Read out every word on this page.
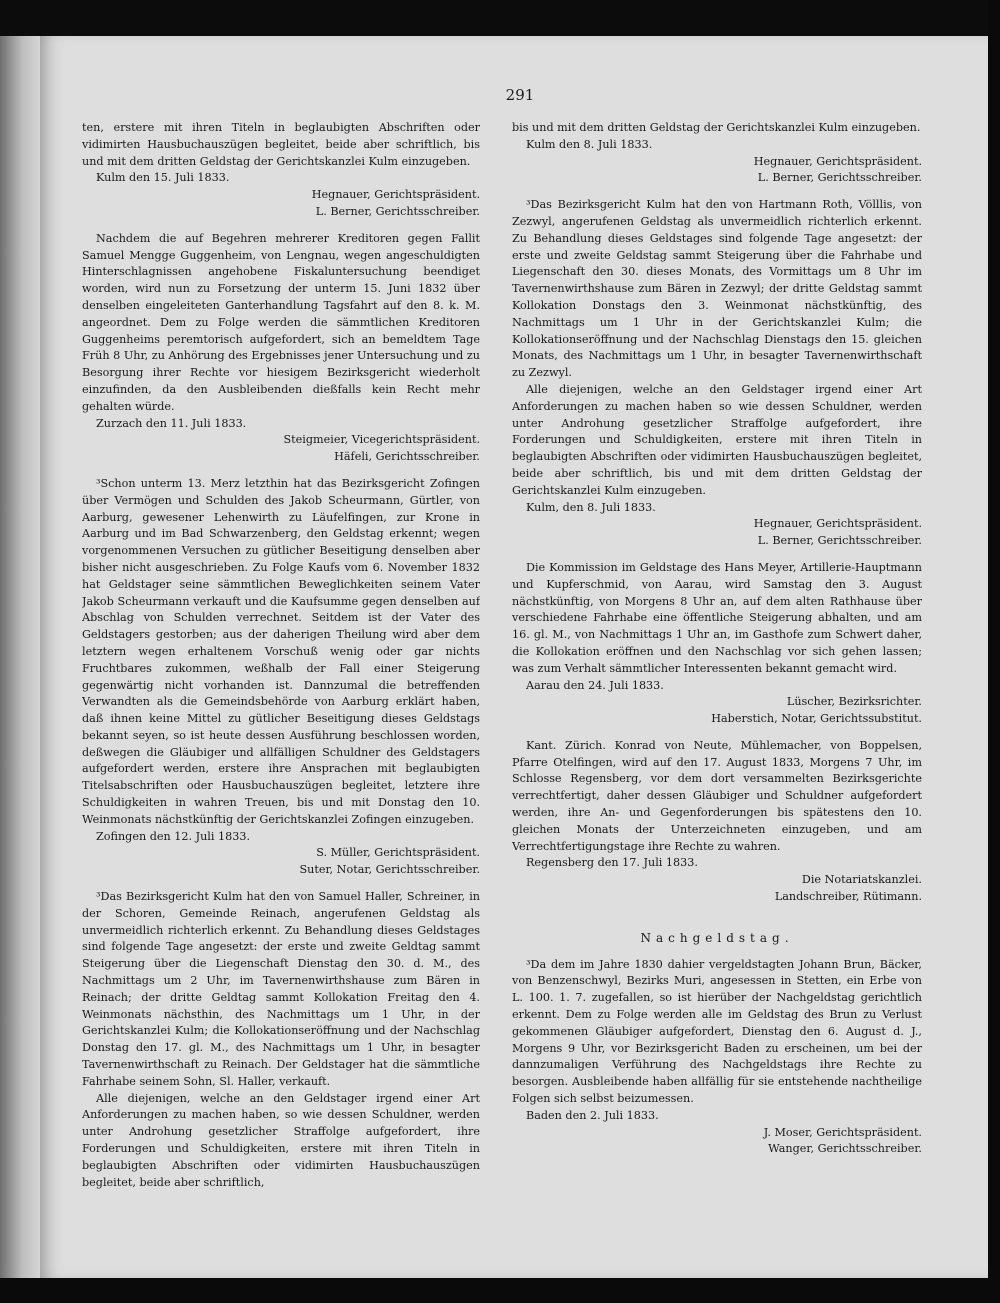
291

ten, erstere mit ihren Titeln in beglaubigten Abschriften oder vidimirten Hausbuchauszügen begleitet, beide aber schriftlich, bis und mit dem dritten Geldstag der Gerichtskanzlei Kulm einzugeben.

Kulm den 15. Juli 1833.
Hegnauer, Gerichtspräsident.
L. Berner, Gerichtsschreiber.

Nachdem die auf Begehren mehrerer Kreditoren gegen Fallit Samuel Mengge Guggenheim, von Lengnau, wegen angeschuldigten Hinterschlagnissen angehobene Fiskaluntersuchung beendiget worden, wird nun zu Forsetzung der unterm 15. Juni 1832 über denselben eingeleiteten Ganterhandlung Tagsfahrt auf den 8. k. M. angeordnet. Dem zu Folge werden die sämmtlichen Kreditoren Guggenheims peremtorisch aufgefordert, sich an bemeldtem Tage Früh 8 Uhr, zu Anhörung des Ergebnisses jener Untersuchung und zu Besorgung ihrer Rechte vor hiesigem Bezirksgericht wiederholt einzufinden, da den Ausbleibenden dießfalls kein Recht mehr gehalten würde.

Zurzach den 11. Juli 1833.
Steigmeier, Vicegerichtspräsident.
Häfeli, Gerichtsschreiber.

³Schon unterm 13. Merz letzthin hat das Bezirksgericht Zofingen über Vermögen und Schulden des Jakob Scheurmann, Gürtler, von Aarburg, gewesener Lehenwirth zu Läufelfingen, zur Krone in Aarburg und im Bad Schwarzenberg, den Geldstag erkennt; wegen vorgenommenen Versuchen zu gütlicher Beseitigung denselben aber bisher nicht ausgeschrieben. Zu Folge Kaufs vom 6. November 1832 hat Geldstager seine sämmtlichen Beweglichkeiten seinem Vater Jakob Scheurmann verkauft und die Kaufsumme gegen denselben auf Abschlag von Schulden verrechnet. Seitdem ist der Vater des Geldstagers gestorben; aus der daherigen Theilung wird aber dem letztern wegen erhaltenem Vorschuß wenig oder gar nichts Fruchtbares zukommen, weßhalb der Fall einer Steigerung gegenwärtig nicht vorhanden ist. Dannzumal die betreffenden Verwandten als die Gemeindsbehörde von Aarburg erklärt haben, daß ihnen keine Mittel zu gütlicher Beseitigung dieses Geldstags bekannt seyen, so ist heute dessen Ausführung beschlossen worden, deßwegen die Gläubiger und allfälligen Schuldner des Geldstagers aufgefordert werden, erstere ihre Ansprachen mit beglaubigten Titelsabschriften oder Hausbuchauszügen begleitet, letztere ihre Schuldigkeiten in wahren Treuen, bis und mit Donstag den 10. Weinmonats nächstkünftig der Gerichtskanzlei Zofingen einzugeben.

Zofingen den 12. Juli 1833.
S. Müller, Gerichtspräsident.
Suter, Notar, Gerichtsschreiber.

³Das Bezirksgericht Kulm hat den von Samuel Haller, Schreiner, in der Schoren, Gemeinde Reinach, angerufenen Geldstag als unvermeidlich richterlich erkennt. Zu Behandlung dieses Geldstages sind folgende Tage angesetzt: der erste und zweite Geldtag sammt Steigerung über die Liegenschaft Dienstag den 30. d. M., des Nachmittags um 2 Uhr, im Tavernenwirthshause zum Bären in Reinach; der dritte Geldtag sammt Kollokation Freitag den 4. Weinmonats nächsthin, des Nachmittags um 1 Uhr, in der Gerichtskanzlei Kulm; die Kollokationseröffnung und der Nachschlag Donstag den 17. gl. M., des Nachmittags um 1 Uhr, in besagter Tavernenwirthschaft zu Reinach. Der Geldstager hat die sämmtliche Fahrhabe seinem Sohn, Sl. Haller, verkauft.

Alle diejenigen, welche an den Geldstager irgend einer Art Anforderungen zu machen haben, so wie dessen Schuldner, werden unter Androhung gesetzlicher Straffolge aufgefordert, ihre Forderungen und Schuldigkeiten, erstere mit ihren Titeln in beglaubigten Abschriften oder vidimirten Hausbuchauszügen begleitet, beide aber schriftlich,

bis und mit dem dritten Geldstag der Gerichtskanzlei Kulm einzugeben.

Kulm den 8. Juli 1833.
Hegnauer, Gerichtspräsident.
L. Berner, Gerichtsschreiber.

³Das Bezirksgericht Kulm hat den von Hartmann Roth, Völllis, von Zezwyl, angerufenen Geldstag als unvermeidlich richterlich erkennt. Zu Behandlung dieses Geldstages sind folgende Tage angesetzt: der erste und zweite Geldstag sammt Steigerung über die Fahrhabe und Liegenschaft den 30. dieses Monats, des Vormittags um 8 Uhr im Tavernenwirthshause zum Bären in Zezwyl; der dritte Geldstag sammt Kollokation Donstags den 3. Weinmonat nächstkünftig, des Nachmittags um 1 Uhr in der Gerichtskanzlei Kulm; die Kollokationseröffnung und der Nachschlag Dienstags den 15. gleichen Monats, des Nachmittags um 1 Uhr, in besagter Tavernenwirthschaft zu Zezwyl.

Alle diejenigen, welche an den Geldstager irgend einer Art Anforderungen zu machen haben so wie dessen Schuldner, werden unter Androhung gesetzlicher Straffolge aufgefordert, ihre Forderungen und Schuldigkeiten, erstere mit ihren Titeln in beglaubigten Abschriften oder vidimirten Hausbuchauszügen begleitet, beide aber schriftlich, bis und mit dem dritten Geldstag der Gerichtskanzlei Kulm einzugeben.

Kulm, den 8. Juli 1833.
Hegnauer, Gerichtspräsident.
L. Berner, Gerichtsschreiber.

Die Kommission im Geldstage des Hans Meyer, Artillerie-Hauptmann und Kupferschmid, von Aarau, wird Samstag den 3. August nächstkünftig, von Morgens 8 Uhr an, auf dem alten Rathhause über verschiedene Fahrhabe eine öffentliche Steigerung abhalten, und am 16. gl. M., von Nachmittags 1 Uhr an, im Gasthofe zum Schwert daher, die Kollokation eröffnen und den Nachschlag vor sich gehen lassen; was zum Verhalt sämmtlicher Interessenten bekannt gemacht wird.

Aarau den 24. Juli 1833.
Lüscher, Bezirksrichter.
Haberstich, Notar, Gerichtssubstitut.

Kant. Zürich. Konrad von Neute, Mühlemacher, von Boppelsen, Pfarre Otelfingen, wird auf den 17. August 1833, Morgens 7 Uhr, im Schlosse Regensberg, vor dem dort versammelten Bezirksgerichte verrechtfertigt, daher dessen Gläubiger und Schuldner aufgefordert werden, ihre An- und Gegenforderungen bis spätestens den 10. gleichen Monats der Unterzeichneten einzugeben, und am Verrechtfertigungstage ihre Rechte zu wahren.

Regensberg den 17. Juli 1833.
Die Notariatskanzlei.
Landschreiber, Rütimann.
Nachgeldstag.

³Da dem im Jahre 1830 dahier vergeldstagten Johann Brun, Bäcker, von Benzenschwyl, Bezirks Muri, angesessen in Stetten, ein Erbe von L. 100. 1. 7. zugefallen, so ist hierüber der Nachgeldstag gerichtlich erkennt. Dem zu Folge werden alle im Geldstag des Brun zu Verlust gekommenen Gläubiger aufgefordert, Dienstag den 6. August d. J., Morgens 9 Uhr, vor Bezirksgericht Baden zu erscheinen, um bei der dannzumaligen Verführung des Nachgeldstags ihre Rechte zu besorgen. Ausbleibende haben allfällig für sie entstehende nachtheilige Folgen sich selbst beizumessen.

Baden den 2. Juli 1833.
J. Moser, Gerichtspräsident.
Wanger, Gerichtsschreiber.
